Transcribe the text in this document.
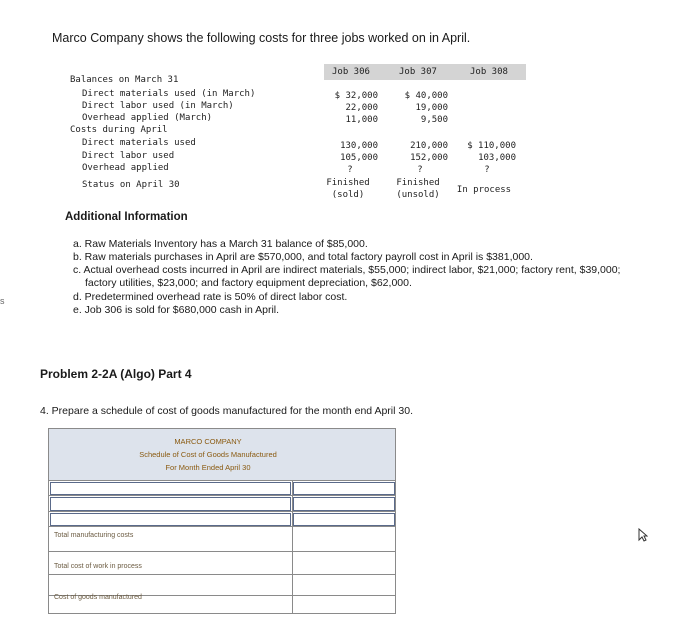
Marco Company shows the following costs for three jobs worked on in April.
Job 306	Job 307	Job 308
Balances on March 31
Direct materials used (in March)
Direct labor used (in March)
Overhead applied (March)
Costs during April
Direct materials used
Direct labor used
Overhead applied
Status on April 30
$ 32,000
22,000
11,000
130,000
105,000
?
Finished
(sold)
$ 40,000
19,000
9,500
210,000
152,000
?
Finished
(unsold)
$ 110,000
103,000
?
In process
Additional Information
a. Raw Materials Inventory has a March 31 balance of $85,000.
b. Raw materials purchases in April are $570,000, and total factory payroll cost in April is $381,000.
c. Actual overhead costs incurred in April are indirect materials, $55,000; indirect labor, $21,000; factory rent, $39,000;
factory utilities, $23,000; and factory equipment depreciation, $62,000.
d. Predetermined overhead rate is 50% of direct labor cost.
e. Job 306 is sold for $680,000 cash in April.
s
Problem 2-2A (Algo) Part 4
4. Prepare a schedule of cost of goods manufactured for the month end April 30.
MARCO COMPANY
Schedule of Cost of Goods Manufactured
For Month Ended April 30
Total manufacturing costs
Total cost of work in process
Cost of goods manufactured
